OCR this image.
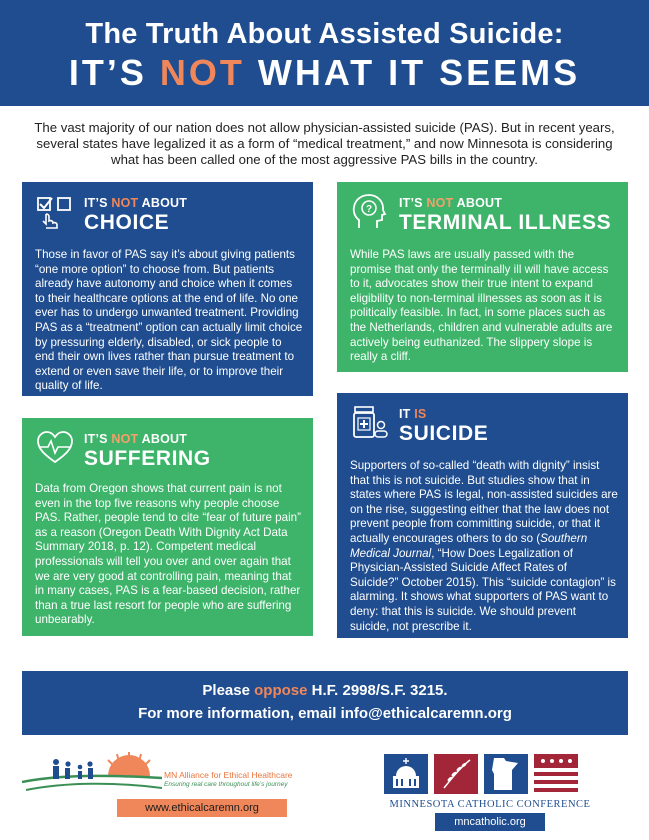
The Truth About Assisted Suicide:
IT’S NOT WHAT IT SEEMS
The vast majority of our nation does not allow physician-assisted suicide (PAS). But in recent years, several states have legalized it as a form of “medical treatment,” and now Minnesota is considering what has been called one of the most aggressive PAS bills in the country.
IT’S NOT ABOUT
CHOICE
Those in favor of PAS say it’s about giving patients “one more option” to choose from. But patients already have autonomy and choice when it comes to their healthcare options at the end of life. No one ever has to undergo unwanted treatment. Providing PAS as a “treatment” option can actually limit choice by pressuring elderly, disabled, or sick people to end their own lives rather than pursue treatment to extend or even save their life, or to improve their quality of life.
? IT’S NOT ABOUT
TERMINAL ILLNESS
While PAS laws are usually passed with the promise that only the terminally ill will have access to it, advocates show their true intent to expand eligibility to non-terminal illnesses as soon as it is politically feasible. In fact, in some places such as the Netherlands, children and vulnerable adults are actively being euthanized. The slippery slope is really a cliff.
IT’S NOT ABOUT
SUFFERING
Data from Oregon shows that current pain is not even in the top five reasons why people choose PAS. Rather, people tend to cite “fear of future pain” as a reason (Oregon Death With Dignity Act Data Summary 2018, p. 12). Competent medical professionals will tell you over and over again that we are very good at controlling pain, meaning that in many cases, PAS is a fear-based decision, rather than a true last resort for people who are suffering unbearably.
IT IS
SUICIDE
Supporters of so-called “death with dignity” insist that this is not suicide. But studies show that in states where PAS is legal, non-assisted suicides are on the rise, suggesting either that the law does not prevent people from committing suicide, or that it actually encourages others to do so (Southern Medical Journal, “How Does Legalization of Physician-Assisted Suicide Affect Rates of Suicide?” October 2015). This “suicide contagion” is alarming. It shows what supporters of PAS want to deny: that this is suicide. We should prevent suicide, not prescribe it.
Please oppose H.F. 2998/S.F. 3215.
For more information, email info@ethicalcaremn.org
MN Alliance for Ethical Healthcare
Ensuring real care throughout life’s journey
www.ethicalcaremn.org	MINNESOTA CATHOLIC CONFERENCE
mncatholic.org
